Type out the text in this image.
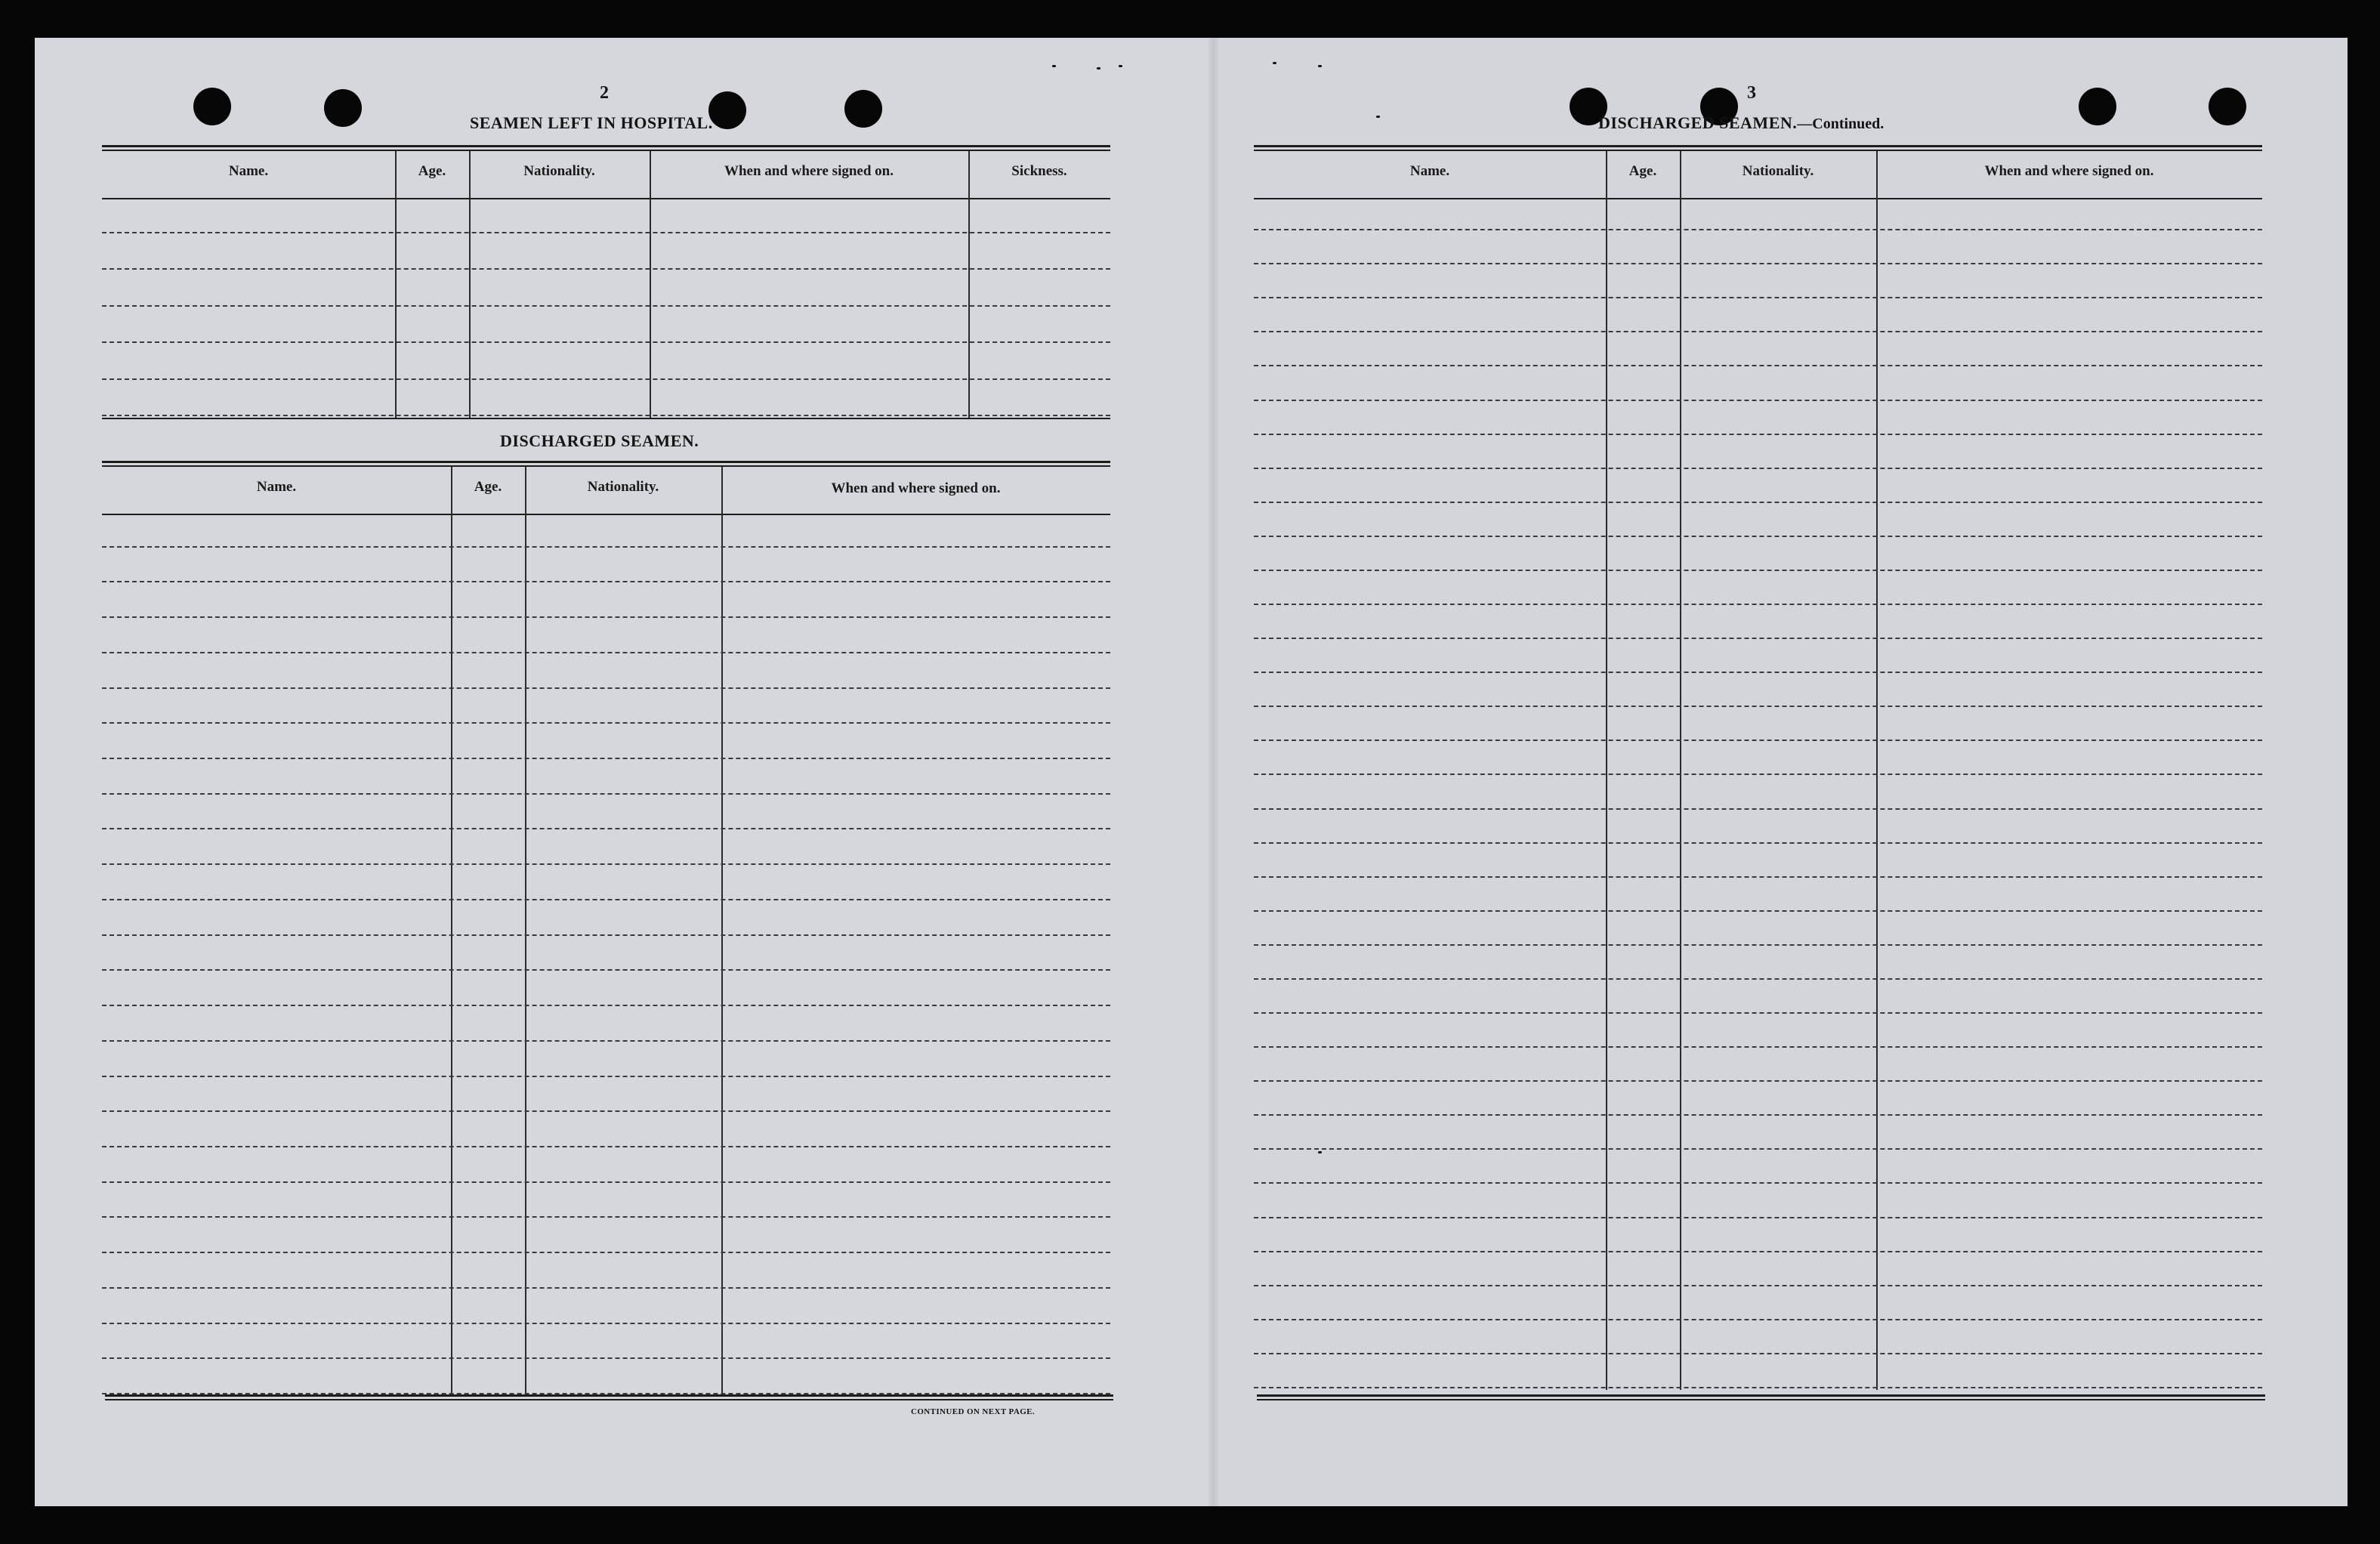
2

SEAMEN LEFT IN HOSPITAL.

Name.	Age.	Nationality.	When and where signed on.	Sickness.

DISCHARGED SEAMEN.

Name.	Age.	Nationality.	When and where signed on.

CONTINUED ON NEXT PAGE.

3

DISCHARGED SEAMEN.—Continued.

Name.	Age.	Nationality.	When and where signed on.
